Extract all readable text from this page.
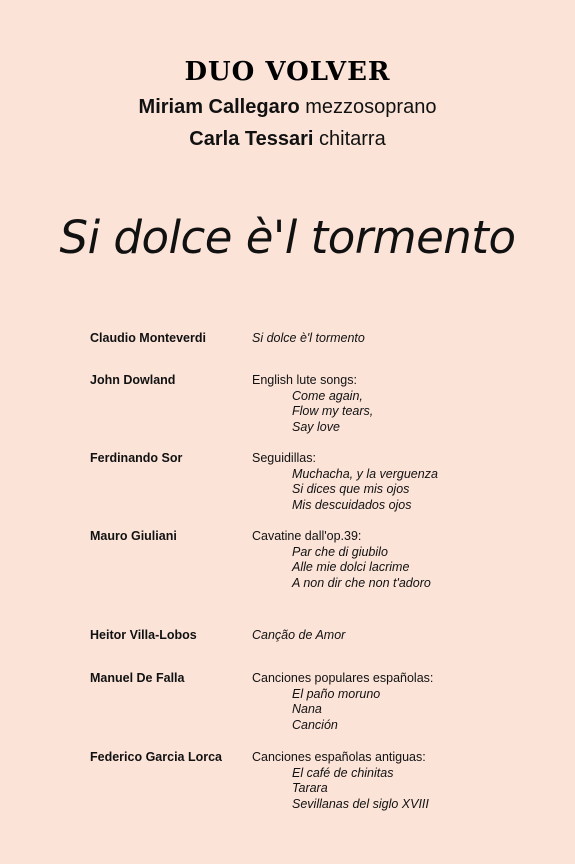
DUO VOLVER
Miriam Callegaro mezzosoprano
Carla Tessari chitarra
Si dolce è'l tormento
Claudio Monteverdi	Si dolce è'l tormento
John Dowland	English lute songs:
Come again,
Flow my tears,
Say love
Ferdinando Sor	Seguidillas:
Muchacha, y la verguenza
Si dices que mis ojos
Mis descuidados ojos
Mauro Giuliani	Cavatine dall'op.39:
Par che di giubilo
Alle mie dolci lacrime
A non dir che non t'adoro
Heitor Villa-Lobos	Canção de Amor
Manuel De Falla	Canciones populares españolas:
El paño moruno
Nana
Canción
Federico Garcia Lorca	Canciones españolas antiguas:
El café de chinitas
Tarara
Sevillanas del siglo XVIII
